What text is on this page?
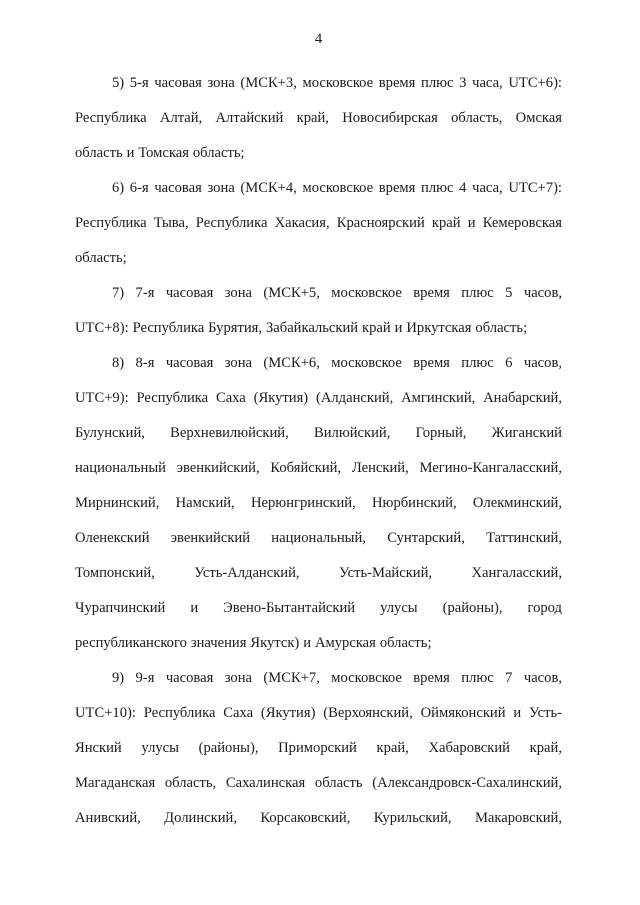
4
5) 5-я часовая зона (МСК+3, московское время плюс 3 часа, UTC+6):
Республика Алтай, Алтайский край, Новосибирская область, Омская
область и Томская область;
6) 6-я часовая зона (МСК+4, московское время плюс 4 часа, UTC+7):
Республика Тыва, Республика Хакасия, Красноярский край и Кемеровская
область;
7) 7-я часовая зона (МСК+5, московское время плюс 5 часов,
UTC+8): Республика Бурятия, Забайкальский край и Иркутская область;
8) 8-я часовая зона (МСК+6, московское время плюс 6 часов,
UTC+9): Республика Саха (Якутия) (Алданский, Амгинский, Анабарский,
Булунский, Верхневилюйский, Вилюйский, Горный, Жиганский
национальный эвенкийский, Кобяйский, Ленский, Мегино-Кангаласский,
Мирнинский, Намский, Нерюнгринский, Нюрбинский, Олекминский,
Оленекский эвенкийский национальный, Сунтарский, Таттинский,
Томпонский, Усть-Алданский, Усть-Майский, Хангаласский,
Чурапчинский и Эвено-Бытантайский улусы (районы), город
республиканского значения Якутск) и Амурская область;
9) 9-я часовая зона (МСК+7, московское время плюс 7 часов,
UTC+10): Республика Саха (Якутия) (Верхоянский, Оймяконский и Усть-
Янский улусы (районы), Приморский край, Хабаровский край,
Магаданская область, Сахалинская область (Александровск-Сахалинский,
Анивский, Долинский, Корсаковский, Курильский, Макаровский,
